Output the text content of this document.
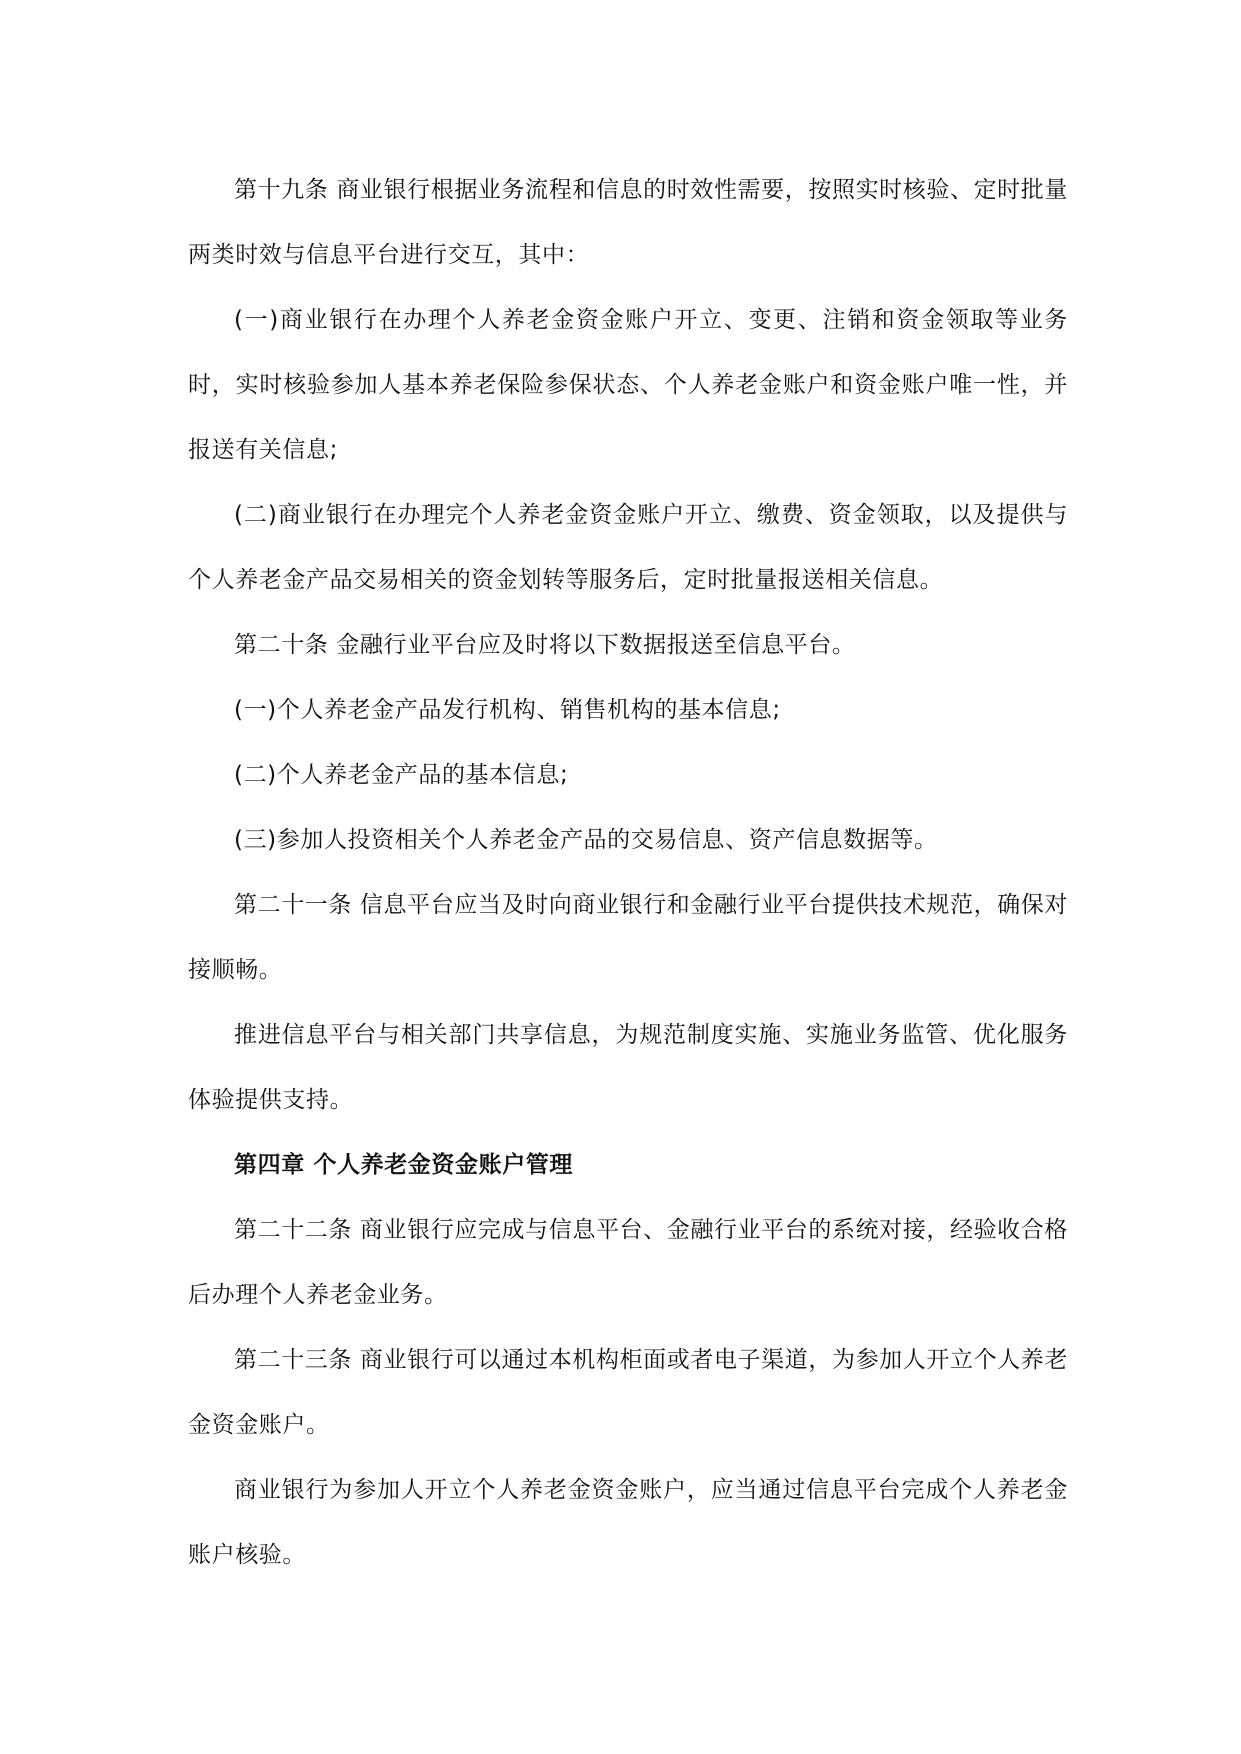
第十九条 商业银行根据业务流程和信息的时效性需要，按照实时核验、定时批量两类时效与信息平台进行交互，其中：

(一)商业银行在办理个人养老金资金账户开立、变更、注销和资金领取等业务时，实时核验参加人基本养老保险参保状态、个人养老金账户和资金账户唯一性，并报送有关信息;

(二)商业银行在办理完个人养老金资金账户开立、缴费、资金领取，以及提供与个人养老金产品交易相关的资金划转等服务后，定时批量报送相关信息。

第二十条 金融行业平台应及时将以下数据报送至信息平台。

(一)个人养老金产品发行机构、销售机构的基本信息;

(二)个人养老金产品的基本信息;

(三)参加人投资相关个人养老金产品的交易信息、资产信息数据等。

第二十一条 信息平台应当及时向商业银行和金融行业平台提供技术规范，确保对接顺畅。

推进信息平台与相关部门共享信息，为规范制度实施、实施业务监管、优化服务体验提供支持。

第四章 个人养老金资金账户管理

第二十二条 商业银行应完成与信息平台、金融行业平台的系统对接，经验收合格后办理个人养老金业务。

第二十三条 商业银行可以通过本机构柜面或者电子渠道，为参加人开立个人养老金资金账户。

商业银行为参加人开立个人养老金资金账户，应当通过信息平台完成个人养老金账户核验。
